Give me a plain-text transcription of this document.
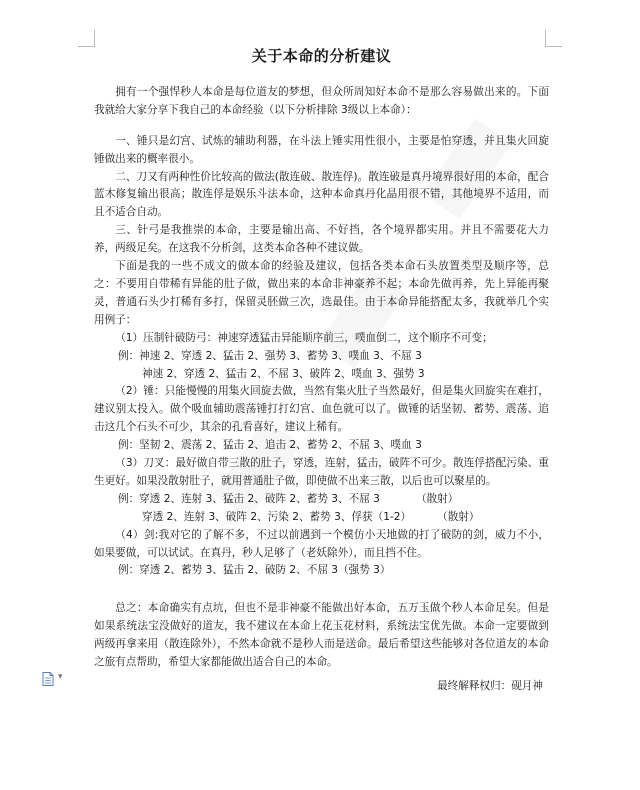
关于本命的分析建议

拥有一个强悍秒人本命是每位道友的梦想，但众所周知好本命不是那么容易做出来的。下面我就给大家分享下我自己的本命经验（以下分析排除 3级以上本命）：

一、锤只是幻宫、试炼的辅助利器，在斗法上锤实用性很小，主要是怕穿透，并且集火回旋锤做出来的概率很小。

二、刀又有两种性价比较高的做法(散连破、散连俘)。散连破是真丹境界很好用的本命，配合蓝木修复输出很高；散连俘是娱乐斗法本命，这种本命真丹化晶用很不错，其他境界不适用，而且不适合自动。

三、针弓是我推崇的本命，主要是输出高、不好挡，各个境界都实用。并且不需要花大力养，两级足矣。在这我不分析剑，这类本命各种不建议做。

下面是我的一些不成文的做本命的经验及建议，包括各类本命石头放置类型及顺序等，总之：不要用自带稀有异能的肚子做，做出来的本命非神豪养不起；本命先做再养，先上异能再聚灵，普通石头少打稀有多打，保留灵胚做三次，选最佳。由于本命异能搭配太多，我就举几个实用例子：

（1）压制针破防弓：神速穿透猛击异能顺序前三，噗血倒二，这个顺序不可变；

例：神速 2、穿透 2、猛击 2、强势 3、蓄势 3、噗血 3、不屈 3

神速 2、穿透 2、猛击 2、不屈 3、破阵 2、噗血 3、强势 3

（2）锤：只能慢慢的用集火回旋去做，当然有集火肚子当然最好，但是集火回旋实在难打，建议别太投入。做个吸血辅助震荡锤打打幻宫、血色就可以了。做锤的话坚韧、蓄势、震荡、追击这几个石头不可少，其余的孔看喜好，建议上稀有。

例：坚韧 2、震荡 2、猛击 2、追击 2、蓄势 2、不屈 3、噗血 3

（3）刀叉：最好做自带三散的肚子，穿透，连射，猛击，破阵不可少。散连俘搭配污染、重生更好。如果没散射肚子，就用普通肚子做，即使做不出来三散，以后也可以聚星的。

例：穿透 2、连射 3、猛击 2、破阵 2、蓄势 3、不屈 3	（散射）

穿透 2、连射 3、破阵 2、污染 2、蓄势 3、俘获（1-2） （散射）

（4）剑:我对它的了解不多，不过以前遇到一个模仿小天地做的打了破防的剑，威力不小，如果要做，可以试试。在真丹，秒人足够了（老妖除外），而且挡不住。

例：穿透 2、蓄势 3、猛击 2、破防 2、不屈 3（强势 3）

总之：本命确实有点坑，但也不是非神豪不能做出好本命，五万玉做个秒人本命足矣。但是如果系统法宝没做好的道友，我不建议在本命上花玉花材料，系统法宝优先做。本命一定要做到两级再拿来用（散连除外），不然本命就不是秒人而是送命。最后希望这些能够对各位道友的本命之旅有点帮助，希望大家都能做出适合自己的本命。

最终解释权归：砚月神

▾
